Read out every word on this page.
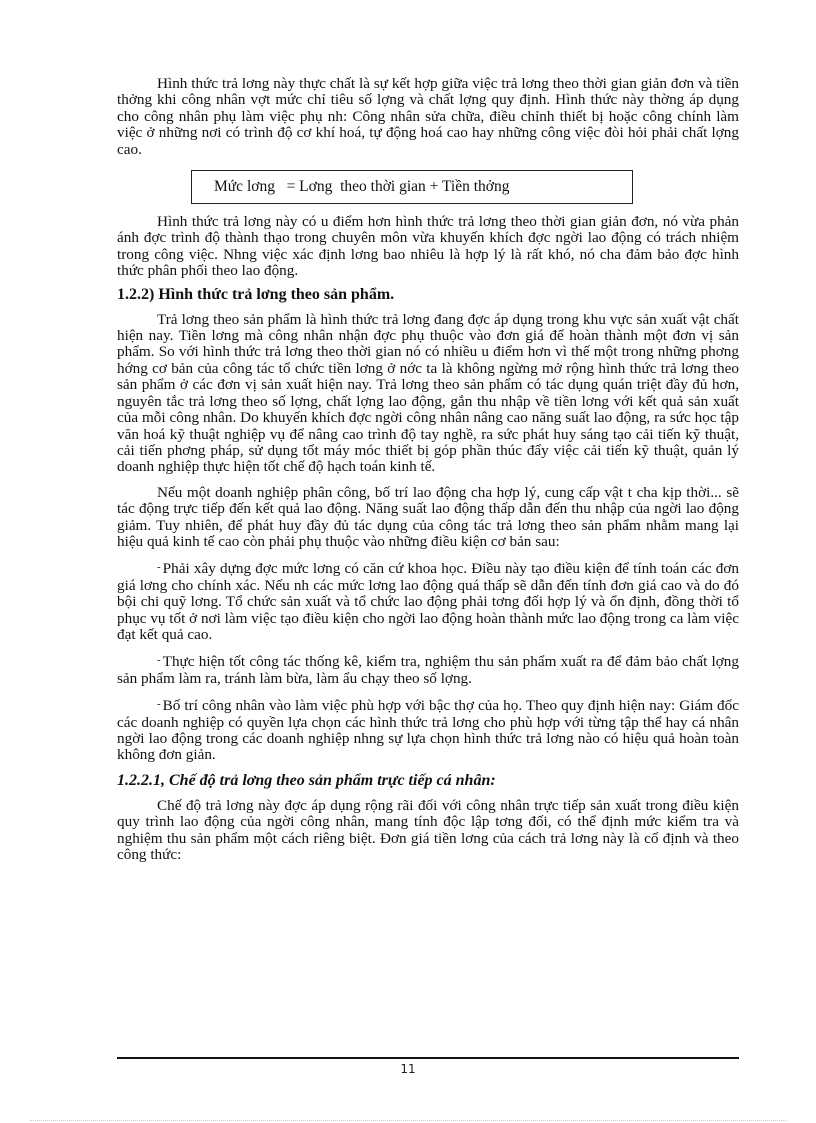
Hình thức trả lơng này thực chất là sự kết hợp giữa việc trả lơng theo thời gian giản đơn và tiền thởng khi công nhân vợt mức chỉ tiêu số lợng và chất lợng quy định. Hình thức này thờng áp dụng cho công nhân phụ làm việc phụ nh: Công nhân sửa chữa, điều chỉnh thiết bị hoặc công chính làm việc ở những nơi có trình độ cơ khí hoá, tự động hoá cao hay những công việc đòi hỏi phải chất lợng cao.

Mức lơng   = Lơng  theo thời gian + Tiền thởng

Hình thức trả lơng này có u điểm hơn hình thức trả lơng theo thời gian giản đơn, nó vừa phản ánh đợc trình độ thành thạo trong chuyên môn vừa khuyến khích đợc ngời lao động có trách nhiệm trong công việc. Nhng việc xác định lơng bao nhiêu là hợp lý là rất khó, nó cha đảm bảo đợc hình thức phân phối theo lao động.

1.2.2) Hình thức trả lơng theo sản phẩm.

Trả lơng theo sản phẩm là hình thức trả lơng đang đợc áp dụng trong khu vực sản xuất vật chất hiện nay. Tiền lơng mà công nhân nhận đợc phụ thuộc vào đơn giá để hoàn thành một đơn vị sản phẩm. So với hình thức trả lơng theo thời gian nó có nhiều u điểm hơn vì thế một trong những phơng hớng cơ bản của công tác tổ chức tiền lơng ở nớc ta là không ngừng mở rộng hình thức trả lơng theo sản phẩm ở các đơn vị sản xuất hiện nay. Trả lơng theo sản phẩm có tác dụng quán triệt đầy đủ hơn, nguyên tắc trả lơng theo số lợng, chất lợng lao động, gắn thu nhập về tiền lơng với kết quả sản xuất của mỗi công nhân. Do khuyến khích đợc ngời công nhân nâng cao năng suất lao động, ra sức học tập văn hoá kỹ thuật nghiệp vụ để nâng cao trình độ tay nghề, ra sức phát huy sáng tạo cải tiến kỹ thuật, cải tiến phơng pháp, sử dụng tốt máy móc thiết bị góp phần thúc đẩy việc cải tiến kỹ thuật, quản lý doanh nghiệp thực hiện tốt chế độ hạch toán kinh tế.

Nếu một doanh nghiệp phân công, bố trí lao động cha hợp lý, cung cấp vật t cha kịp thời... sẽ tác động trực tiếp đến kết quả lao động. Năng suất lao động thấp dẫn đến thu nhập của ngời lao động giảm. Tuy nhiên, để phát huy đầy đủ tác dụng của công tác trả lơng theo sản phẩm nhằm mang lại hiệu quả kinh tế cao còn phải phụ thuộc vào những điều kiện cơ bản sau:

- Phải xây dựng đợc mức lơng có căn cứ khoa học. Điều này tạo điều kiện để tính toán các đơn giá lơng cho chính xác. Nếu nh các mức lơng lao động quá thấp sẽ dẫn đến tính đơn giá cao và do đó bội chi quỹ lơng. Tổ chức sản xuất và tổ chức lao động phải tơng đối hợp lý và ổn định, đồng thời tổ phục vụ tốt ở nơi làm việc tạo điều kiện cho ngời lao động hoàn thành mức lao động trong ca làm việc đạt kết quả cao.

- Thực hiện tốt công tác thống kê, kiểm tra, nghiệm thu sản phẩm xuất ra để đảm bảo chất lợng sản phẩm làm ra, tránh làm bừa, làm ẩu chạy theo số lợng.

- Bố trí công nhân vào làm việc phù hợp với bậc thợ của họ. Theo quy định hiện nay: Giám đốc các doanh nghiệp có quyền lựa chọn các hình thức trả lơng cho phù hợp với từng tập thể hay cá nhân ngời lao động trong các doanh nghiệp nhng sự lựa chọn hình thức trả lơng nào có hiệu quả hoàn toàn không đơn giản.

1.2.2.1, Chế độ trả lơng theo sản phẩm trực tiếp cá nhân:

Chế độ trả lơng này đợc áp dụng rộng rãi đối với công nhân trực tiếp sản xuất trong điều kiện quy trình lao động của ngời công nhân, mang tính độc lập tơng đối, có thể định mức kiểm tra và nghiệm thu sản phẩm một cách riêng biệt. Đơn giá tiền lơng của cách trả lơng này là cố định và theo công thức:

11
